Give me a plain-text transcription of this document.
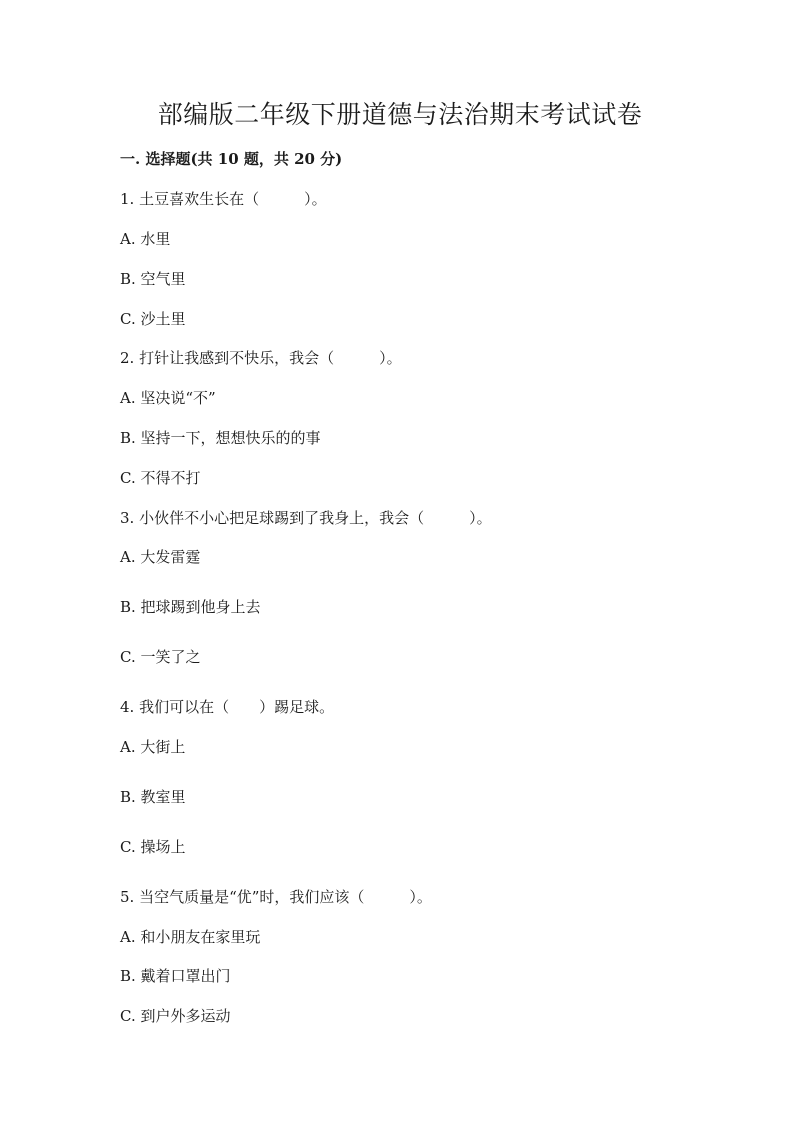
部编版二年级下册道德与法治期末考试试卷
一. 选择题(共 10 题，共 20 分)
1. 土豆喜欢生长在（　　　）。
A. 水里
B. 空气里
C. 沙土里
2. 打针让我感到不快乐，我会（　　　）。
A. 坚决说“不”
B. 坚持一下，想想快乐的的事
C. 不得不打
3. 小伙伴不小心把足球踢到了我身上，我会（　　　）。
A. 大发雷霆
B. 把球踢到他身上去
C. 一笑了之
4. 我们可以在（　　）踢足球。
A. 大街上
B. 教室里
C. 操场上
5. 当空气质量是“优”时，我们应该（　　　）。
A. 和小朋友在家里玩
B. 戴着口罩出门
C. 到户外多运动
